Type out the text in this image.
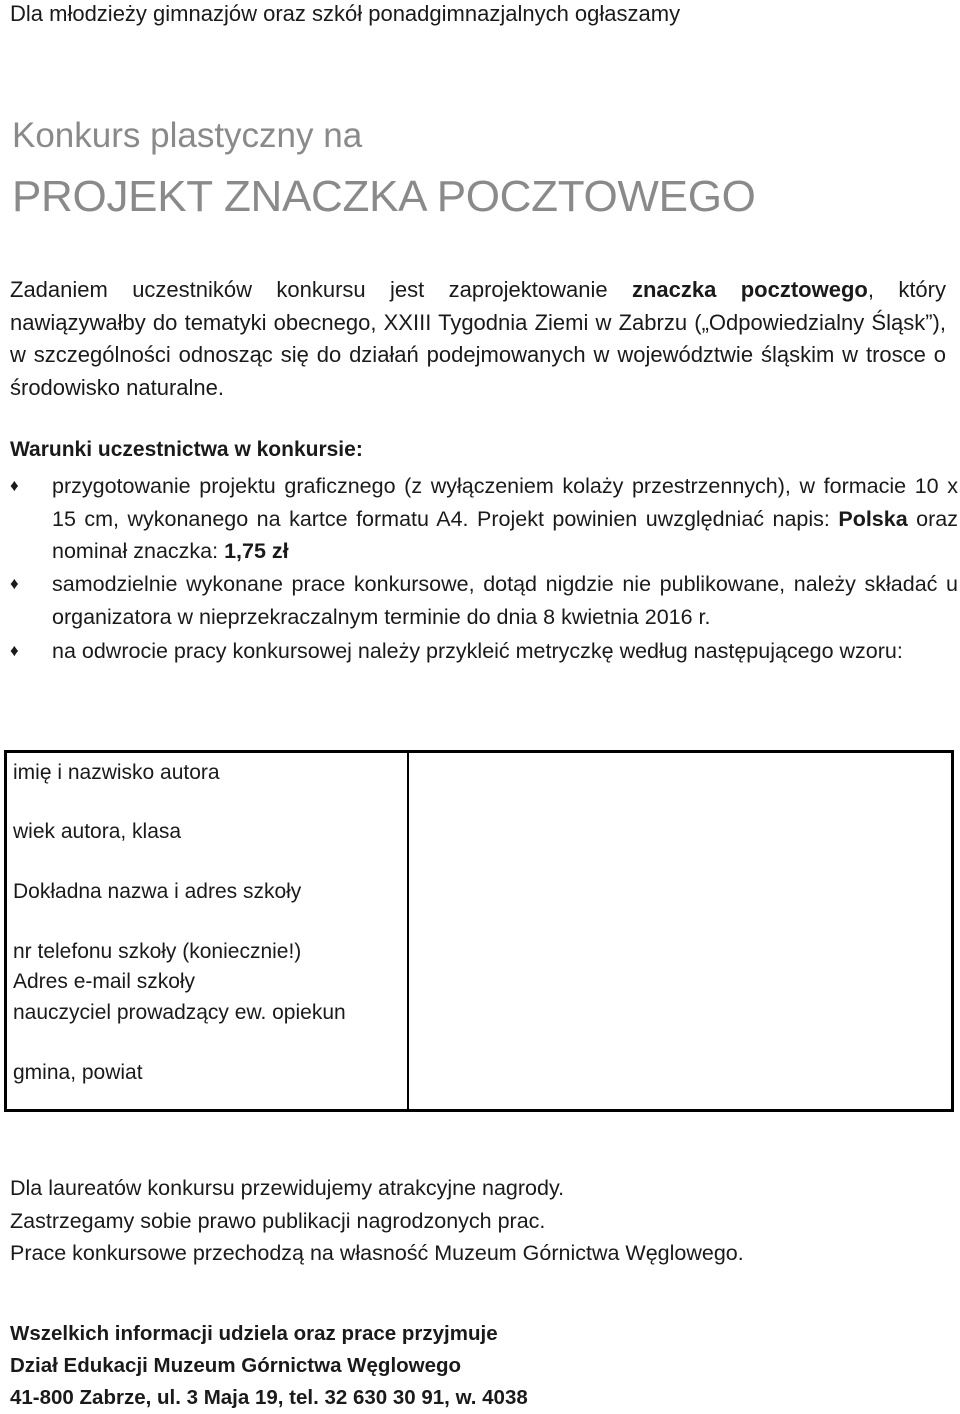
Dla młodzieży gimnazjów oraz szkół ponadgimnazjalnych ogłaszamy
Konkurs plastyczny na
PROJEKT ZNACZKA POCZTOWEGO
Zadaniem uczestników konkursu jest zaprojektowanie znaczka pocztowego, który nawiązywałby do tematyki obecnego, XXIII Tygodnia Ziemi w Zabrzu („Odpowiedzialny Śląsk”), w szczególności odnosząc się do działań podejmowanych w województwie śląskim w trosce o środowisko naturalne.
Warunki uczestnictwa w konkursie:
♦	przygotowanie projektu graficznego (z wyłączeniem kolaży przestrzennych), w formacie 10 x 15 cm, wykonanego na kartce formatu A4. Projekt powinien uwzględniać napis: Polska oraz nominał znaczka: 1,75 zł
♦	samodzielnie wykonane prace konkursowe, dotąd nigdzie nie publikowane, należy składać u organizatora w nieprzekraczalnym terminie do dnia 8 kwietnia 2016 r.
♦	na odwrocie pracy konkursowej należy przykleić metryczkę według następującego wzoru:
imię i nazwisko autora
wiek autora, klasa
Dokładna nazwa i adres szkoły
nr telefonu szkoły (koniecznie!)
Adres e-mail szkoły
nauczyciel prowadzący ew. opiekun
gmina, powiat
Dla laureatów konkursu przewidujemy atrakcyjne nagrody.
Zastrzegamy sobie prawo publikacji nagrodzonych prac.
Prace konkursowe przechodzą na własność Muzeum Górnictwa Węglowego.
Wszelkich informacji udziela oraz prace przyjmuje
Dział Edukacji Muzeum Górnictwa Węglowego
41-800 Zabrze, ul. 3 Maja 19, tel. 32 630 30 91, w. 4038
